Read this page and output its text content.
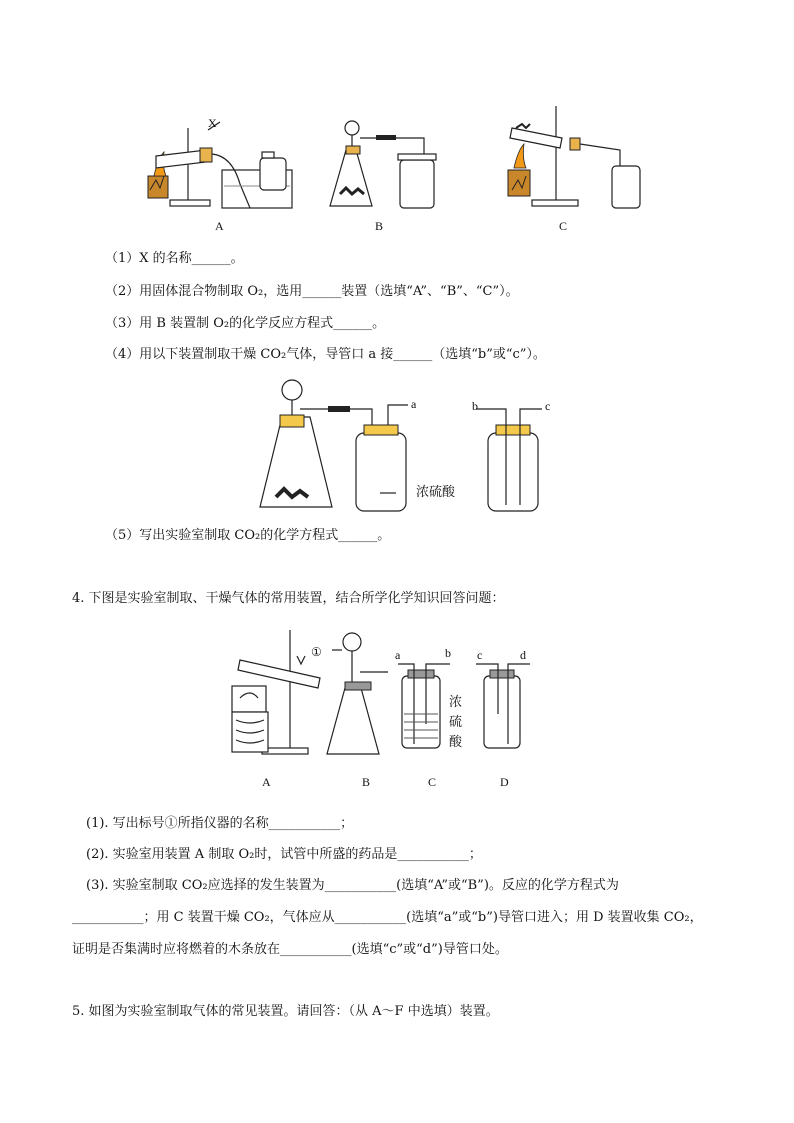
X
A	B	C
（1）X 的名称______。
（2）用固体混合物制取 O₂，选用______装置（选填“A”、“B”、“C”）。
（3）用 B 装置制 O₂的化学反应方程式______。
（4）用以下装置制取干燥 CO₂气体，导管口 a 接______（选填“b”或“c”）。
a	b	c
浓硫酸
（5）写出实验室制取 CO₂的化学方程式______。
4. 下图是实验室制取、干燥气体的常用装置，结合所学化学知识回答问题：
①	a	b c	d
浓
硫
酸
A	B	C	D
(1). 写出标号①所指仪器的名称___________；
(2). 实验室用装置 A 制取 O₂时，试管中所盛的药品是___________；
(3). 实验室制取 CO₂应选择的发生装置为___________(选填“A”或“B”)。反应的化学方程式为
___________；用 C 装置干燥 CO₂，气体应从___________(选填“a”或“b”)导管口进入；用 D 装置收集 CO₂，
证明是否集满时应将燃着的木条放在___________(选填“c”或“d”)导管口处。
5. 如图为实验室制取气体的常见装置。请回答：（从 A～F 中选填）装置。
